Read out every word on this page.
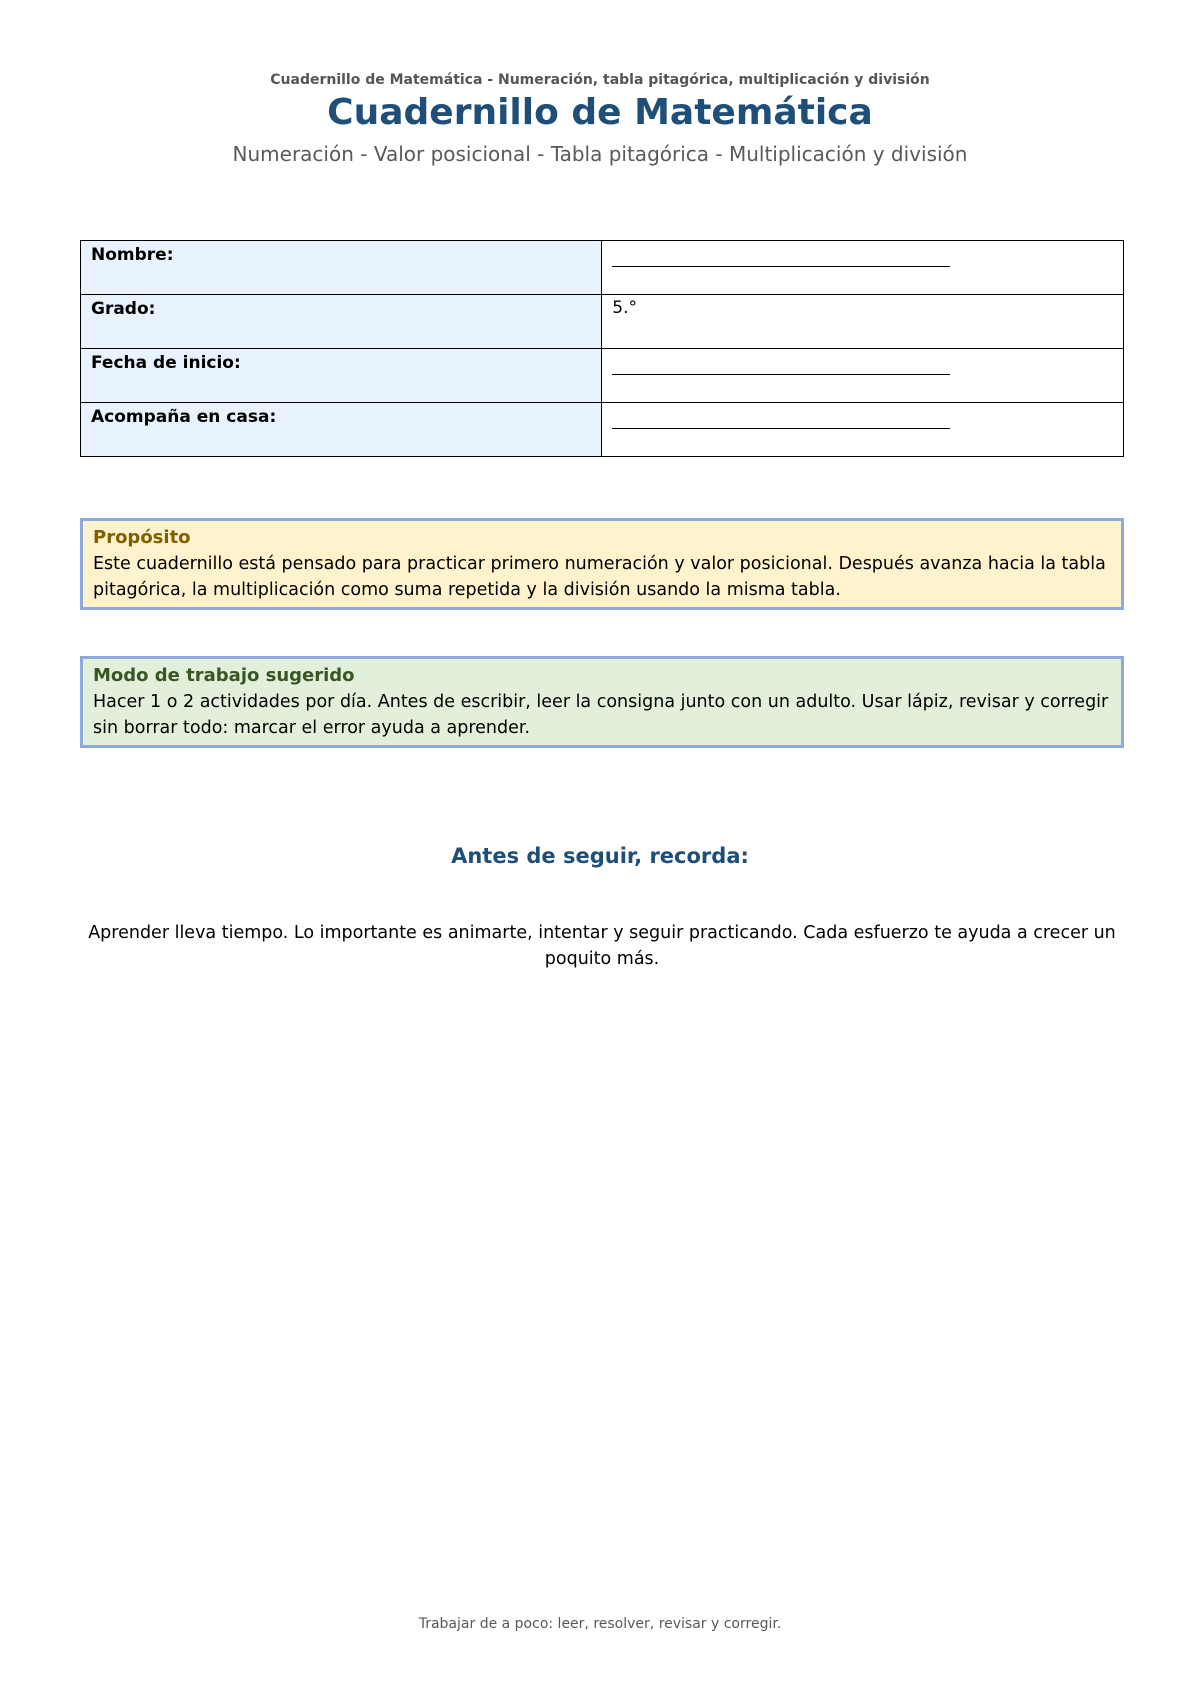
Cuadernillo de Matemática - Numeración, tabla pitagórica, multiplicación y división
Cuadernillo de Matemática
Numeración - Valor posicional - Tabla pitagórica - Multiplicación y división
Nombre:	

Grado:	5.°
Fecha de inicio:	

Acompaña en casa:	
Propósito
Este cuadernillo está pensado para practicar primero numeración y valor posicional. Después avanza hacia la tabla pitagórica, la multiplicación como suma repetida y la división usando la misma tabla.
Modo de trabajo sugerido
Hacer 1 o 2 actividades por día. Antes de escribir, leer la consigna junto con un adulto. Usar lápiz, revisar y corregir sin borrar todo: marcar el error ayuda a aprender.
Antes de seguir, recorda:
Aprender lleva tiempo. Lo importante es animarte, intentar y seguir practicando. Cada esfuerzo te ayuda a crecer un poquito más.
Trabajar de a poco: leer, resolver, revisar y corregir.
